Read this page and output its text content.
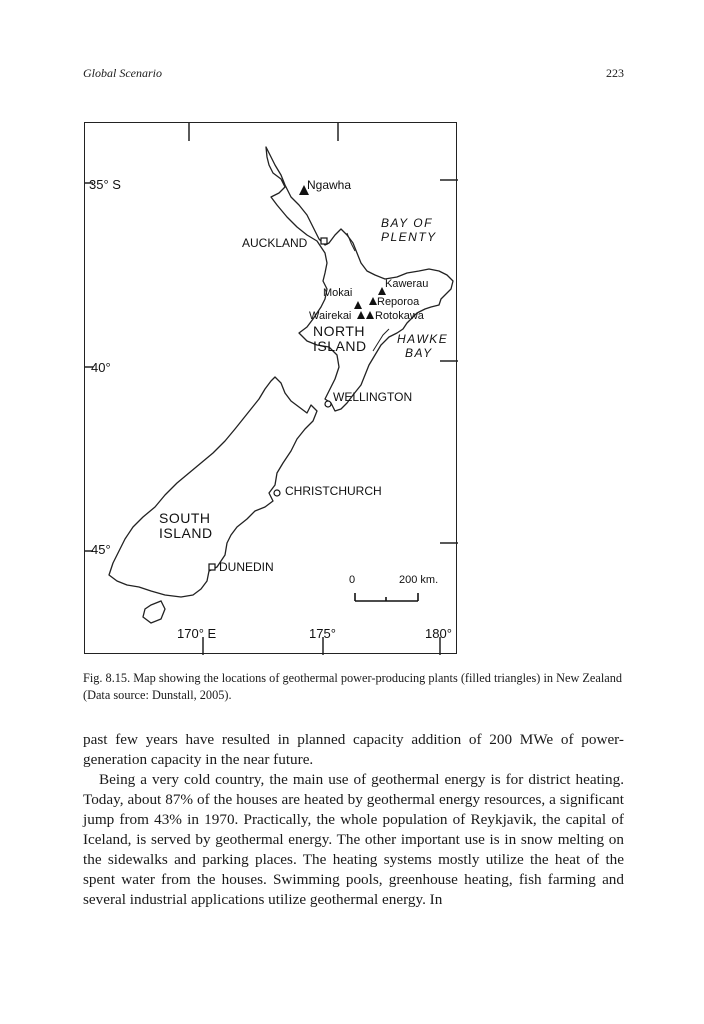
Global Scenario	223
35° S
40°
45°
170° E	175°	180°
NORTH
ISLAND
SOUTH
ISLAND
AUCKLAND
WELLINGTON
CHRISTCHURCH
DUNEDIN
BAY OF
PLENTY
HAWKE
BAY
Ngawha
Kawerau
Mokai
Reporoa
Wairekai Rotokawa
0	200 km.
Fig. 8.15. Map showing the locations of geothermal power-producing plants (filled triangles) in New Zealand (Data source: Dunstall, 2005).

past few years have resulted in planned capacity addition of 200 MWe of power-generation capacity in the near future.

Being a very cold country, the main use of geothermal energy is for district heating. Today, about 87% of the houses are heated by geothermal energy resources, a significant jump from 43% in 1970. Practically, the whole population of Reykjavik, the capital of Iceland, is served by geothermal energy. The other important use is in snow melting on the sidewalks and parking places. The heating systems mostly utilize the heat of the spent water from the houses. Swimming pools, greenhouse heating, fish farming and several industrial applications utilize geothermal energy. In
